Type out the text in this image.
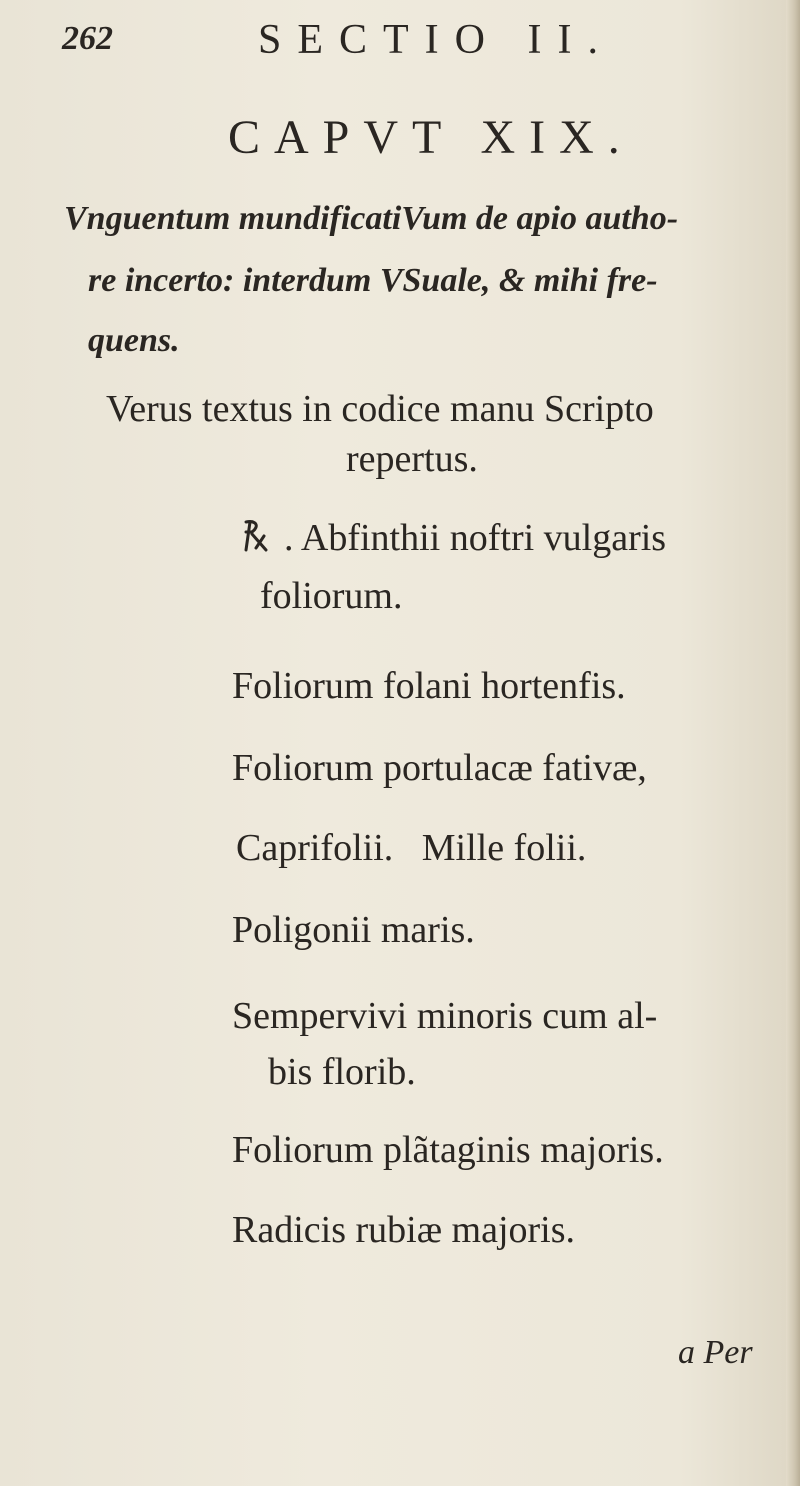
262	SECTIO II.
CAPVT XIX.
Vnguentum mundificatiVum de apio autho-
re incerto: interdum VSuale, & mihi fre-
quens.
Verus textus in codice manu Scripto
repertus.
. Abfinthii noftri vulgaris
foliorum.
Foliorum folani hortenfis.
Foliorum portulacæ fativæ,
Caprifolii.   Mille folii.
Poligonii maris.
Sempervivi minoris cum al-
bis florib.
Foliorum plãtaginis majoris.
Radicis rubiæ majoris.
a Per
